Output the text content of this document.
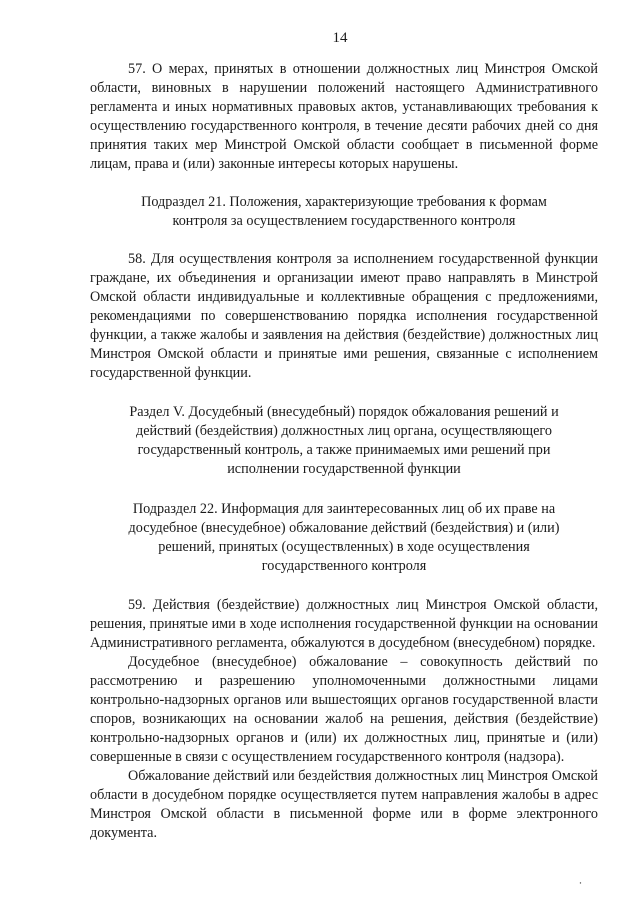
14

57. О мерах, принятых в отношении должностных лиц Минстроя Омской области, виновных в нарушении положений настоящего Административного регламента и иных нормативных правовых актов, устанавливающих требования к осуществлению государственного контроля, в течение десяти рабочих дней со дня принятия таких мер Минстрой Омской области сообщает в письменной форме лицам, права и (или) законные интересы которых нарушены.

Подраздел 21. Положения, характеризующие требования к формам контроля за осуществлением государственного контроля

58. Для осуществления контроля за исполнением государственной функции граждане, их объединения и организации имеют право направлять в Минстрой Омской области индивидуальные и коллективные обращения с предложениями, рекомендациями по совершенствованию порядка исполнения государственной функции, а также жалобы и заявления на действия (бездействие) должностных лиц Минстроя Омской области и принятые ими решения, связанные с исполнением государственной функции.

Раздел V. Досудебный (внесудебный) порядок обжалования решений и действий (бездействия) должностных лиц органа, осуществляющего государственный контроль, а также принимаемых ими решений при исполнении государственной функции

Подраздел 22. Информация для заинтересованных лиц об их праве на досудебное (внесудебное) обжалование действий (бездействия) и (или) решений, принятых (осуществленных) в ходе осуществления государственного контроля

59. Действия (бездействие) должностных лиц Минстроя Омской области, решения, принятые ими в ходе исполнения государственной функции на основании Административного регламента, обжалуются в досудебном (внесудебном) порядке.

Досудебное (внесудебное) обжалование – совокупность действий по рассмотрению и разрешению уполномоченными должностными лицами контрольно-надзорных органов или вышестоящих органов государственной власти споров, возникающих на основании жалоб на решения, действия (бездействие) контрольно-надзорных органов и (или) их должностных лиц, принятые и (или) совершенные в связи с осуществлением государственного контроля (надзора).

Обжалование действий или бездействия должностных лиц Минстроя Омской области в досудебном порядке осуществляется путем направления жалобы в адрес Минстроя Омской области в письменной форме или в форме электронного документа.

⸱
